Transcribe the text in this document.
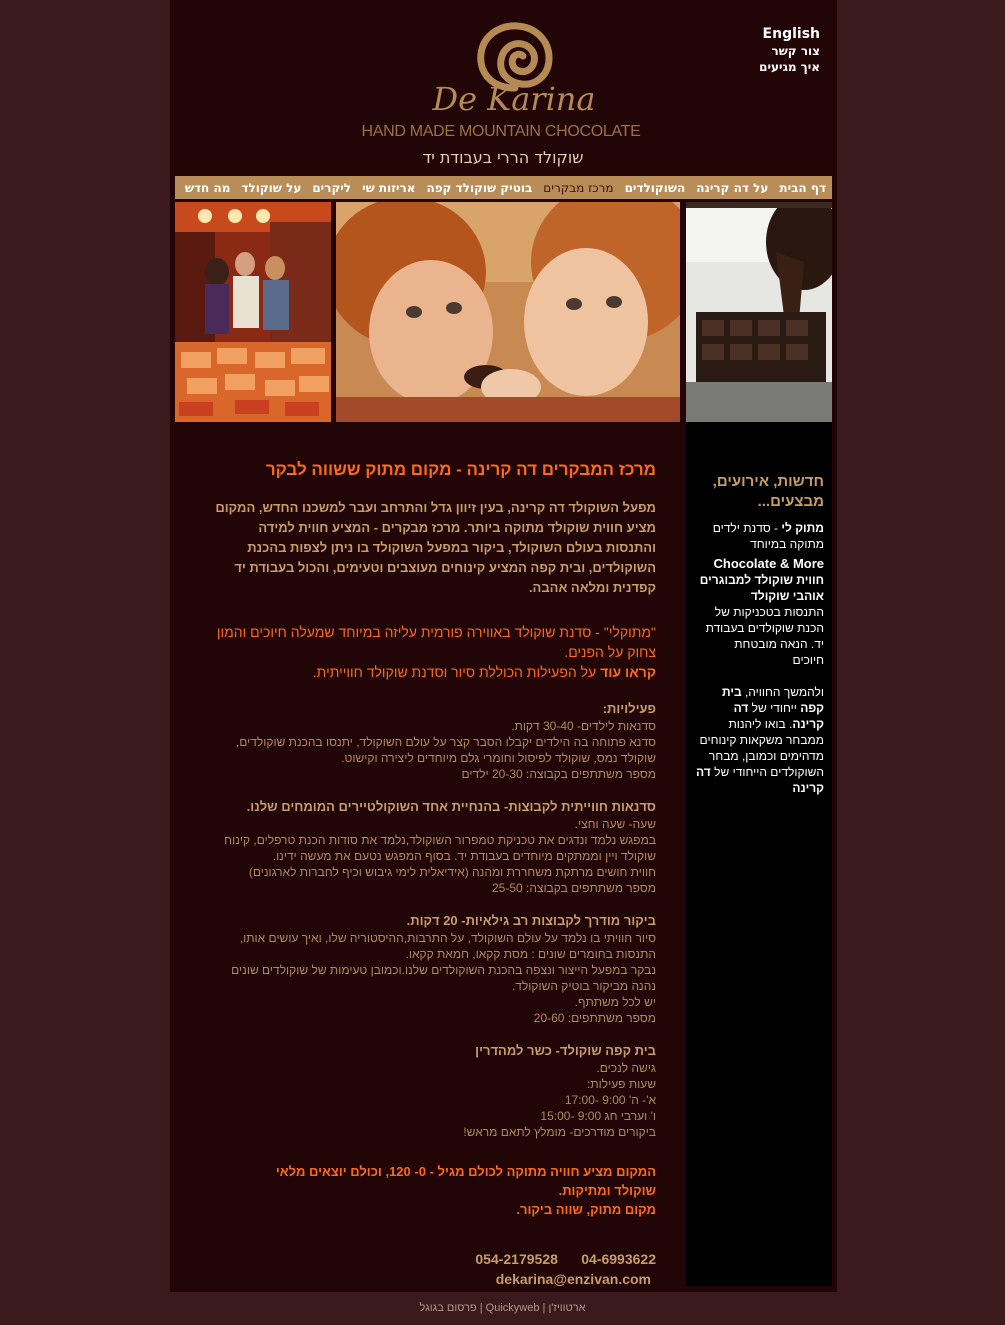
English
צור קשר
איך מגיעים
De Karina
HAND MADE MOUNTAIN CHOCOLATE
שוקולד הררי בעבודת יד
דף הבית
על דה קרינה
השוקולדים
מרכז מבקרים
בוטיק שוקולד קפה
אריזות שי
ליקרים
על שוקולד
מה חדש
מרכז המבקרים דה קרינה - מקום מתוק ששווה לבקר

מפעל השוקולד דה קרינה, בעין זיוון גדל והתרחב ועבר למשכנו החדש, המקום מציע חווית שוקולד מתוקה ביותר. מרכז מבקרים - המציע חווית למידה והתנסות בעולם השוקולד, ביקור במפעל השוקולד בו ניתן לצפות בהכנת השוקולדים, ובית קפה המציע קינוחים מעוצבים וטעימים, והכול בעבודת יד קפדנית ומלאה אהבה.

"מתוקלי" - סדנת שוקולד באווירה פורמית עליזה במיוחד שמעלה חיוכים והמון צחוק על הפנים.
קראו עוד על הפעילות הכוללת סיור וסדנת שוקולד חווייתית.

פעילויות:

סדנאות לילדים- 30-40 דקות.

סדנא פתוחה בה הילדים יקבלו הסבר קצר על עולם השוקולד, יתנסו בהכנת שוקולדים,

שוקולד נמס, שוקולד לפיסול וחומרי גלם מיוחדים ליצירה וקישוט.

מספר משתתפים בקבוצה: 20-30 ילדים

סדנאות חווייתית לקבוצות- בהנחיית אחד השוקולטיירים המומחים שלנו.

שעה- שעה וחצי.

במפגש נלמד ונדגים את טכניקת טמפרור השוקולד,נלמד את סודות הכנת טרפלים, קינוח

שוקולד ויין וממתקים מיוחדים בעבודת יד. בסוף המפגש נטעם את מעשה ידינו.

חווית חושים מרתקת משחררת ומהנה (אידיאלית לימי גיבוש וכיף לחברות לארגונים)

מספר משתתפים בקבוצה: 25-50

ביקור מודרך לקבוצות רב גילאיות- 20 דקות.

סיור חוויתי בו נלמד על עולם השוקולד, על התרבות,ההיסטוריה שלו, ואיך עושים אותו,

התנסות בחומרים שונים : מסת קקאו, חמאת קקאו.

נבקר במפעל הייצור ונצפה בהכנת השוקולדים שלנו.וכמובן טעימות של שוקולדים שונים

נהנה מביקור בוטיק השוקולד.

יש לכל משתתף.

מספר משתתפים: 20-60

בית קפה שוקולד- כשר למהדרין

גישה לנכים.

שעות פעילות:

א'- ה' 9:00 -17:00

ו' וערבי חג 9:00 -15:00

ביקורים מודרכים- מומלץ לתאם מראש!

המקום מציע חוויה מתוקה לכולם מגיל - 0- 120, וכולם יוצאים מלאי
שוקולד ומתיקות.
מקום מתוק, שווה ביקור.

04-6993622      054-2179528

dekarina@enzivan.com

חדשות, אירועים, מבצעים...

מתוק לי - סדנת ילדים מתוקה במיוחד

Chocolate & More

חווית שוקולד למבוגרים אוהבי שוקולד

התנסות בטכניקות של

הכנת שוקולדים בעבודת

יד. הנאה מובטחת

חיוכים

ולהמשך החוויה, בית קפה ייחודי של דה קרינה. בואו ליהנות ממבחר משקאות קינוחים מדהימים וכמובן, מבחר השוקולדים הייחודי של דה קרינה

פרסום בגוגל | Quickyweb | ארטוויז'ן
